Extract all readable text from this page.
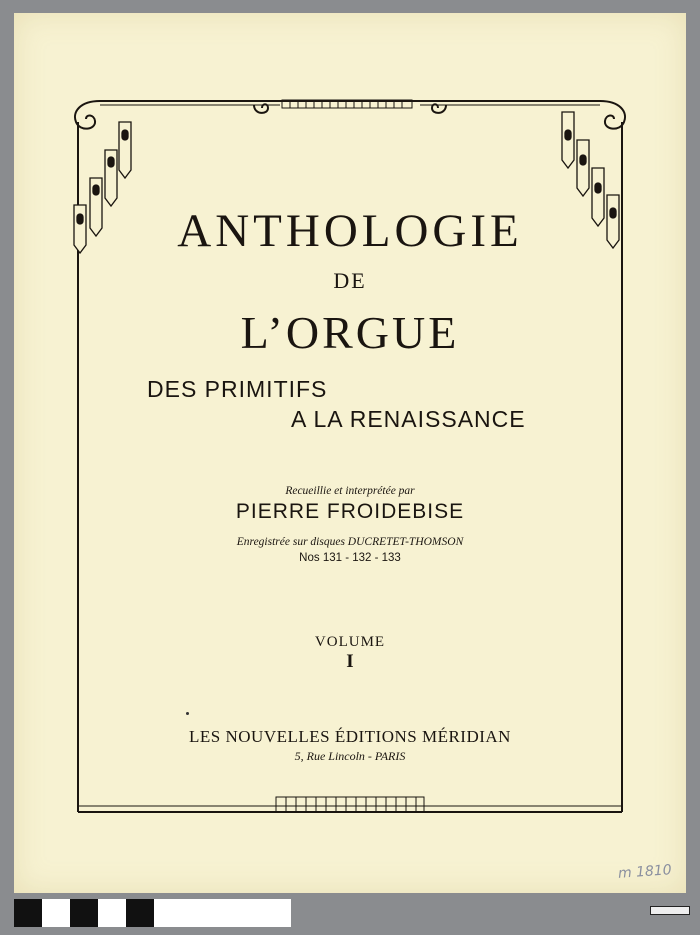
ANTHOLOGIE
DE
L’ORGUE
DES PRIMITIFS
A LA RENAISSANCE
Recueillie et interprétée par
PIERRE FROIDEBISE
Enregistrée sur disques DUCRETET-THOMSON
Nos 131 - 132 - 133
VOLUME
I
LES NOUVELLES ÉDITIONS MÉRIDIAN
5, Rue Lincoln - PARIS
m 1810
